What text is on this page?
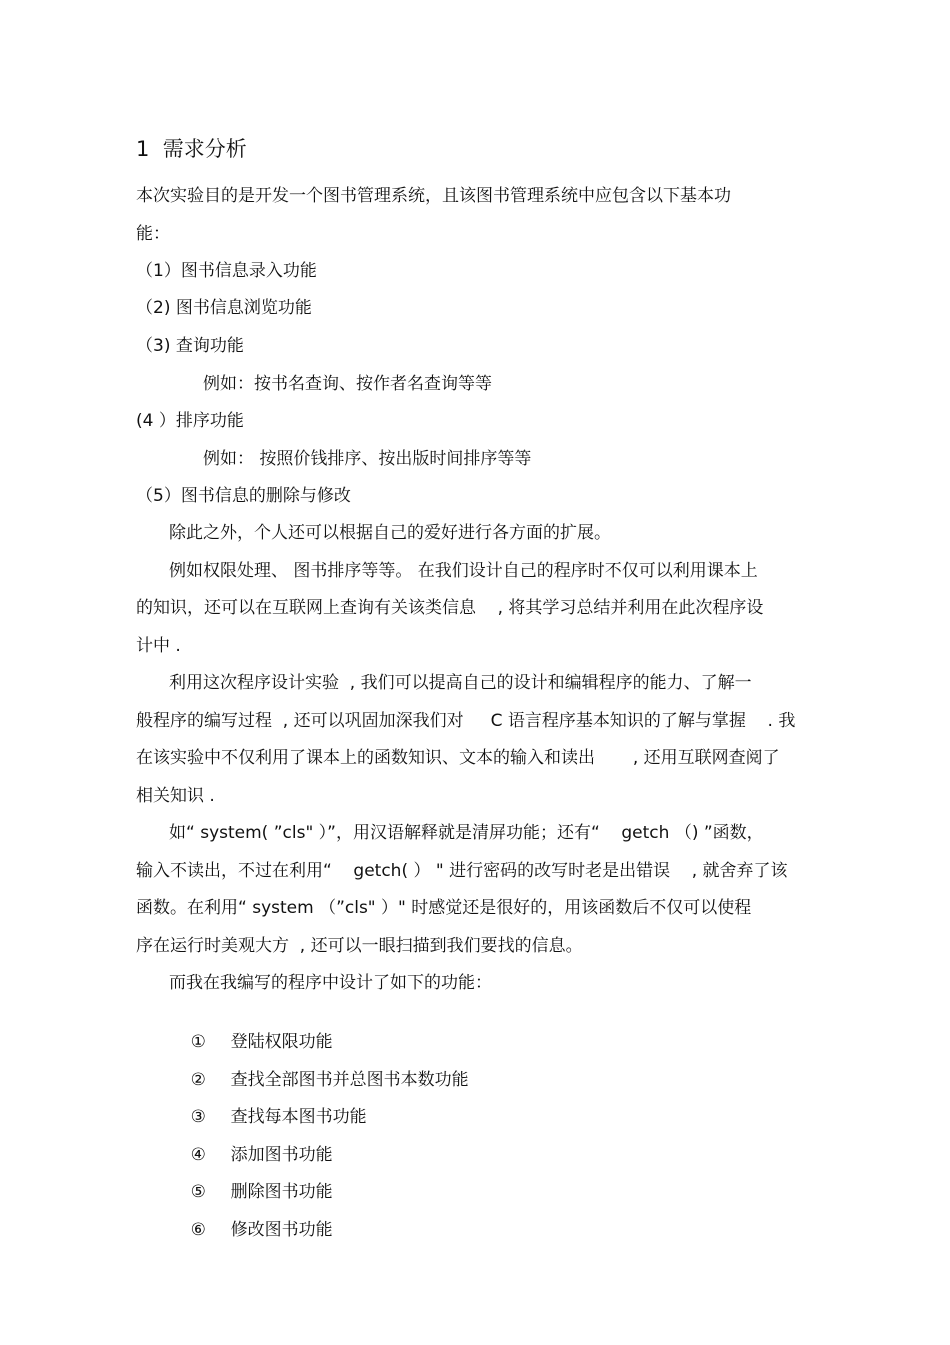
1  需求分析
本次实验目的是开发一个图书管理系统，且该图书管理系统中应包含以下基本功
能：
（1）图书信息录入功能
（2) 图书信息浏览功能
（3) 查询功能
例如：按书名查询、按作者名查询等等
(4 ）排序功能
例如： 按照价钱排序、按出版时间排序等等
（5）图书信息的删除与修改
除此之外，个人还可以根据自己的爱好进行各方面的扩展。
例如权限处理、 图书排序等等。 在我们设计自己的程序时不仅可以利用课本上
的知识，还可以在互联网上查询有关该类信息    , 将其学习总结并利用在此次程序设
计中 .
利用这次程序设计实验  , 我们可以提高自己的设计和编辑程序的能力、了解一
般程序的编写过程  , 还可以巩固加深我们对     C 语言程序基本知识的了解与掌握    . 我
在该实验中不仅利用了课本上的函数知识、文本的输入和读出       , 还用互联网查阅了
相关知识 .
如“ system( ”cls" ）”，用汉语解释就是清屏功能；还有“    getch （) ”函数，
输入不读出，不过在利用“    getch( ） " 进行密码的改写时老是出错误    , 就舍弃了该
函数。在利用“ system （”cls" ）" 时感觉还是很好的，用该函数后不仅可以使程
序在运行时美观大方  , 还可以一眼扫描到我们要找的信息。
而我在我编写的程序中设计了如下的功能：

① 登陆权限功能

② 查找全部图书并总图书本数功能

③ 查找每本图书功能

④ 添加图书功能

⑤ 删除图书功能

⑥ 修改图书功能
